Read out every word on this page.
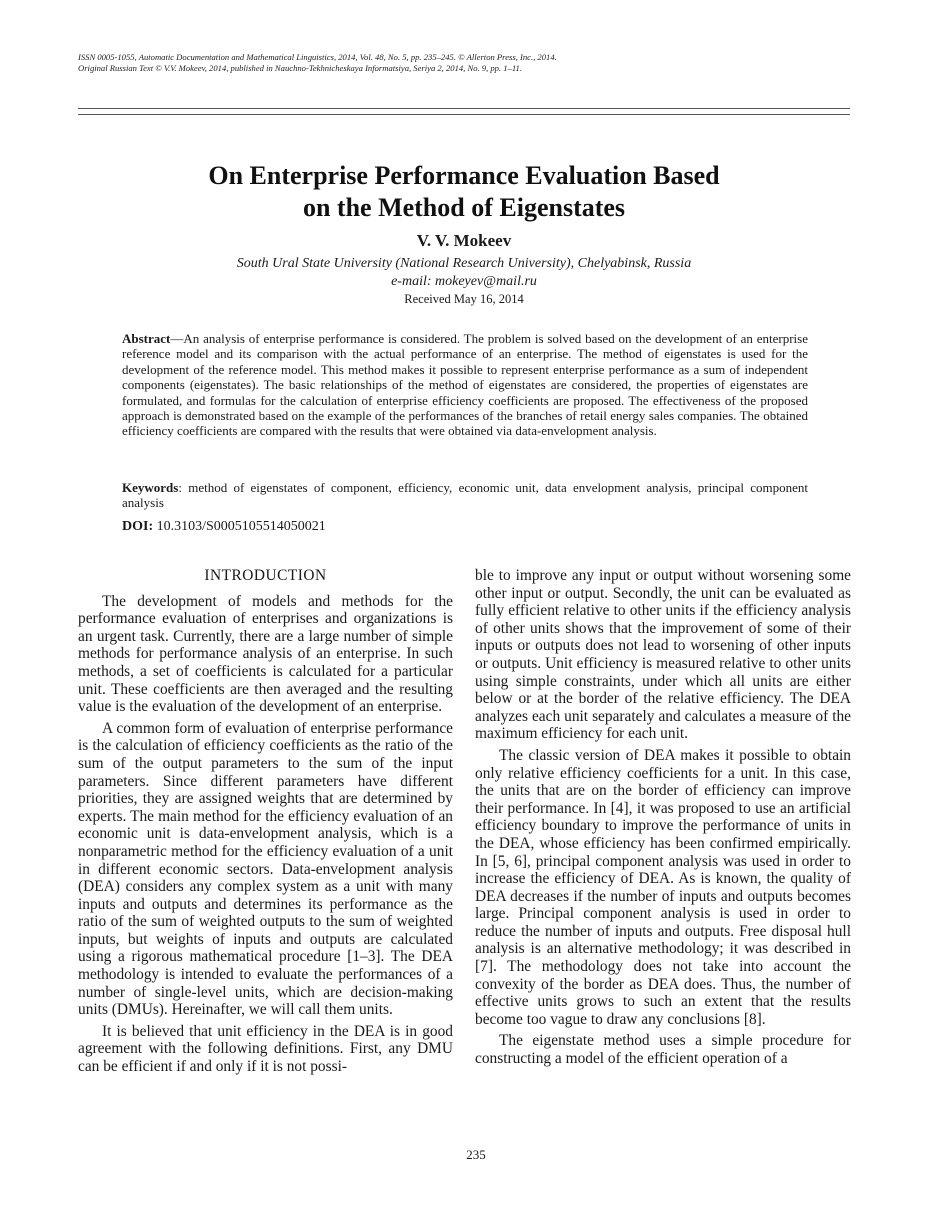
ISSN 0005-1055, Automatic Documentation and Mathematical Linguistics, 2014, Vol. 48, No. 5, pp. 235–245. © Allerton Press, Inc., 2014.
Original Russian Text © V.V. Mokeev, 2014, published in Nauchno-Tekhnicheskaya Informatsiya, Seriya 2, 2014, No. 9, pp. 1–11.
On Enterprise Performance Evaluation Based
on the Method of Eigenstates
V. V. Mokeev
South Ural State University (National Research University), Chelyabinsk, Russia
e-mail: mokeyev@mail.ru
Received May 16, 2014
Abstract—An analysis of enterprise performance is considered. The problem is solved based on the development of an enterprise reference model and its comparison with the actual performance of an enterprise. The method of eigenstates is used for the development of the reference model. This method makes it possible to represent enterprise performance as a sum of independent components (eigenstates). The basic relationships of the method of eigenstates are considered, the properties of eigenstates are formulated, and formulas for the calculation of enterprise efficiency coefficients are proposed. The effectiveness of the proposed approach is demonstrated based on the example of the performances of the branches of retail energy sales companies. The obtained efficiency coefficients are compared with the results that were obtained via data-envelopment analysis.
Keywords: method of eigenstates of component, efficiency, economic unit, data envelopment analysis, principal component analysis
DOI: 10.3103/S0005105514050021
INTRODUCTION

The development of models and methods for the performance evaluation of enterprises and organizations is an urgent task. Currently, there are a large number of simple methods for performance analysis of an enterprise. In such methods, a set of coefficients is calculated for a particular unit. These coefficients are then averaged and the resulting value is the evaluation of the development of an enterprise.

A common form of evaluation of enterprise performance is the calculation of efficiency coefficients as the ratio of the sum of the output parameters to the sum of the input parameters. Since different parameters have different priorities, they are assigned weights that are determined by experts. The main method for the efficiency evaluation of an economic unit is data-envelopment analysis, which is a nonparametric method for the efficiency evaluation of a unit in different economic sectors. Data-envelopment analysis (DEA) considers any complex system as a unit with many inputs and outputs and determines its performance as the ratio of the sum of weighted outputs to the sum of weighted inputs, but weights of inputs and outputs are calculated using a rigorous mathematical procedure [1–3]. The DEA methodology is intended to evaluate the performances of a number of single-level units, which are decision-making units (DMUs). Hereinafter, we will call them units.

It is believed that unit efficiency in the DEA is in good agreement with the following definitions. First, any DMU can be efficient if and only if it is not possi-

ble to improve any input or output without worsening some other input or output. Secondly, the unit can be evaluated as fully efficient relative to other units if the efficiency analysis of other units shows that the improvement of some of their inputs or outputs does not lead to worsening of other inputs or outputs. Unit efficiency is measured relative to other units using simple constraints, under which all units are either below or at the border of the relative efficiency. The DEA analyzes each unit separately and calculates a measure of the maximum efficiency for each unit.

The classic version of DEA makes it possible to obtain only relative efficiency coefficients for a unit. In this case, the units that are on the border of efficiency can improve their performance. In [4], it was proposed to use an artificial efficiency boundary to improve the performance of units in the DEA, whose efficiency has been confirmed empirically. In [5, 6], principal component analysis was used in order to increase the efficiency of DEA. As is known, the quality of DEA decreases if the number of inputs and outputs becomes large. Principal component analysis is used in order to reduce the number of inputs and outputs. Free disposal hull analysis is an alternative methodology; it was described in [7]. The methodology does not take into account the convexity of the border as DEA does. Thus, the number of effective units grows to such an extent that the results become too vague to draw any conclusions [8].

The eigenstate method uses a simple procedure for constructing a model of the efficient operation of a

235
